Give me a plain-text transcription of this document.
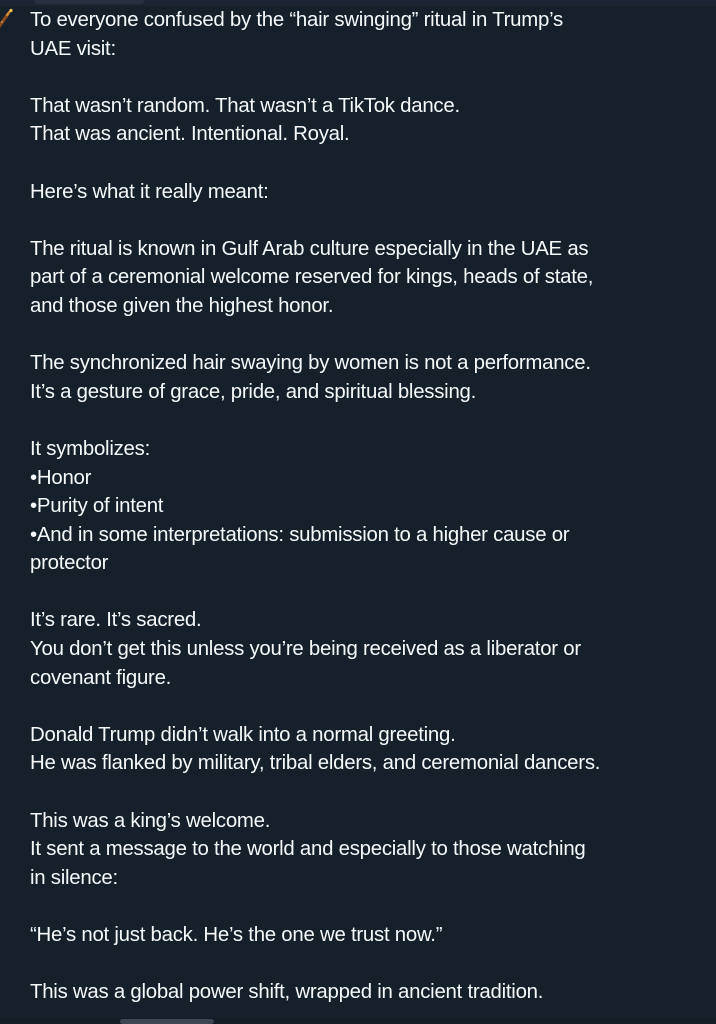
To everyone confused by the “hair swinging” ritual in Trump’s
UAE visit:
That wasn’t random. That wasn’t a TikTok dance.
That was ancient. Intentional. Royal.
Here’s what it really meant:
The ritual is known in Gulf Arab culture especially in the UAE as
part of a ceremonial welcome reserved for kings, heads of state,
and those given the highest honor.
The synchronized hair swaying by women is not a performance.
It’s a gesture of grace, pride, and spiritual blessing.
It symbolizes:
•Honor
•Purity of intent
•And in some interpretations: submission to a higher cause or
protector
It’s rare. It’s sacred.
You don’t get this unless you’re being received as a liberator or
covenant figure.
Donald Trump didn’t walk into a normal greeting.
He was flanked by military, tribal elders, and ceremonial dancers.
This was a king’s welcome.
It sent a message to the world and especially to those watching
in silence:
“He’s not just back. He’s the one we trust now.”
This was a global power shift, wrapped in ancient tradition.
